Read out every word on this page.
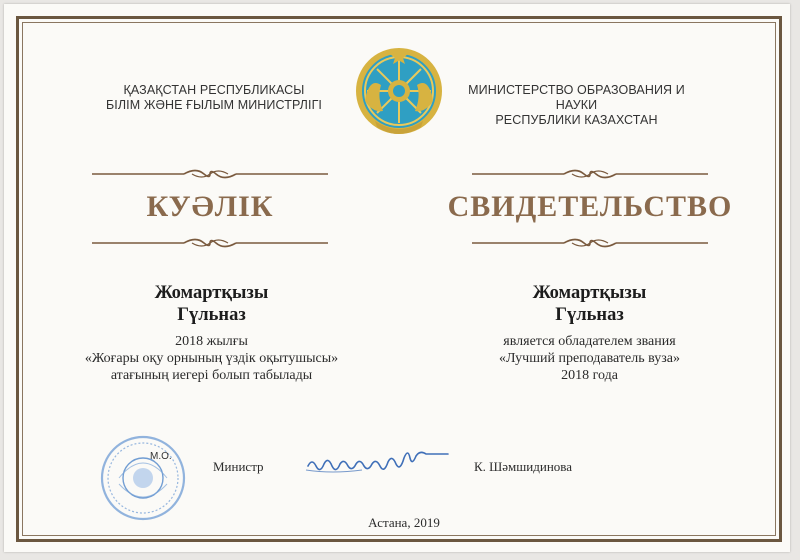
ҚАЗАҚСТАН РЕСПУБЛИКАСЫ
БІЛІМ ЖӘНЕ ҒЫЛЫМ МИНИСТРЛІГІ
МИНИСТЕРСТВО ОБРАЗОВАНИЯ И НАУКИ
РЕСПУБЛИКИ КАЗАХСТАН
КУӘЛІК	СВИДЕТЕЛЬСТВО
Жомартқызы
Гүльназ
2018 жылғы
«Жоғары оқу орнының үздік оқытушысы»
атағының иегері болып табылады
Жомартқызы
Гүльназ
является обладателем звания
«Лучший преподаватель вуза»
2018 года
М.О.
Министр	К. Шәмшидинова
Астана, 2019
